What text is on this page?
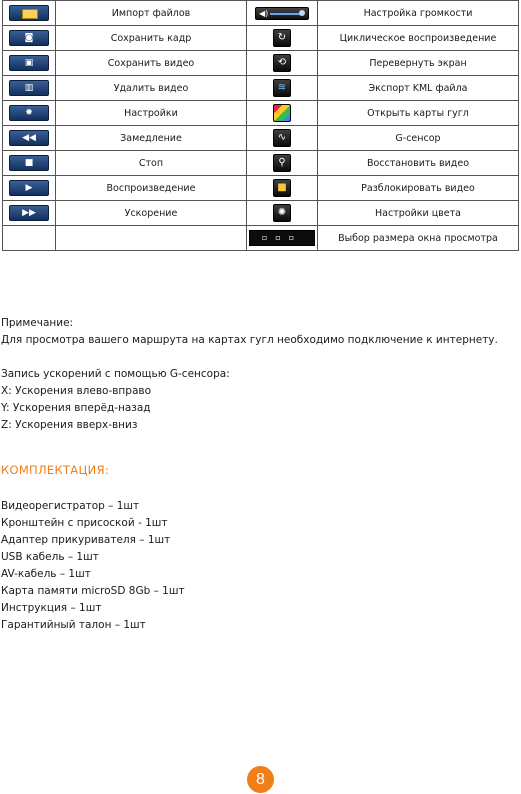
	Импорт файлов	◀)	Настройка громкости
◙	Сохранить кадр	↻	Циклическое воспроизведение
▣	Сохранить видео	⟲	Перевернуть экран
▥	Удалить видео	≋	Экспорт KML файла
✹	Настройки		Открыть карты гугл
◀◀	Замедление	∿	G-сенсор
■	Стоп	⚲	Восстановить видео
▶	Воспроизведение	■	Разблокировать видео
▶▶	Ускорение	✺	Настройки цвета
		▫▫▫	Выбор размера окна просмотра
Примечание:
Для просмотра вашего маршрута на картах гугл необходимо подключение к интернету.
Запись ускорений с помощью G-сенсора:
X: Ускорения влево-вправо
Y: Ускорения вперёд-назад
Z: Ускорения вверх-вниз
КОМПЛЕКТАЦИЯ:
Видеорегистратор – 1шт
Кронштейн с присоской - 1шт
Адаптер прикуривателя – 1шт
USB кабель – 1шт
AV-кабель – 1шт
Карта памяти microSD 8Gb – 1шт
Инструкция – 1шт
Гарантийный талон – 1шт
8
